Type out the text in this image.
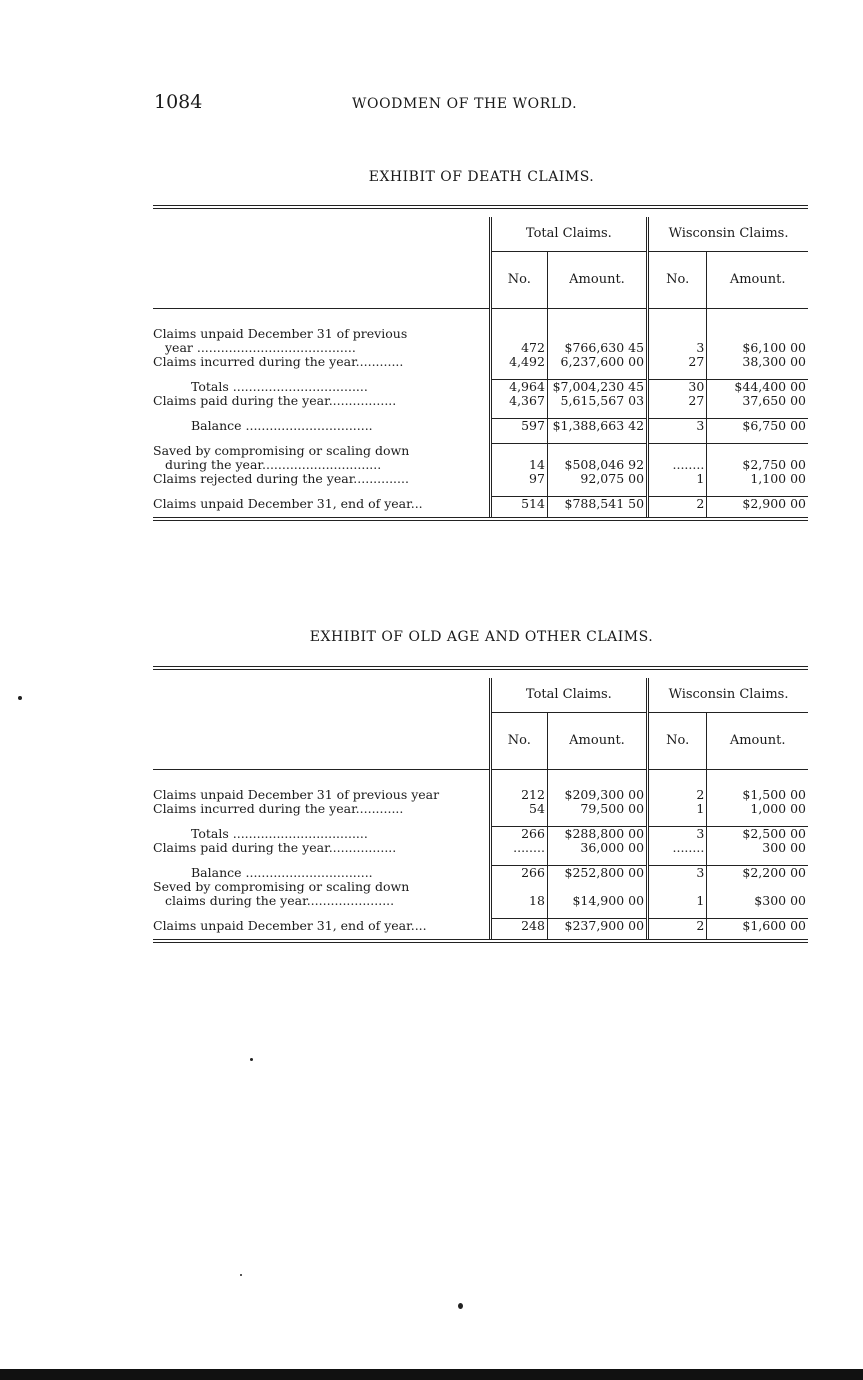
1084	WOODMEN OF THE WORLD.
EXHIBIT OF DEATH CLAIMS.

	Total Claims.		Wisconsin Claims.	
	No.	Amount.	No.	Amount.

Claims unpaid December 31 of previous				
year ........................................	472	$766,630 45	3	$6,100 00
Claims incurred during the year............	4,492	6,237,600 00	27	38,300 00

Totals ..................................	4,964	$7,004,230 45	30	$44,400 00
Claims paid during the year.................	4,367	5,615,567 03	27	37,650 00

Balance ................................	597	$1,388,663 42	3	$6,750 00

Saved by compromising or scaling down				
during the year..............................	14	$508,046 92	........	$2,750 00
Claims rejected during the year..............	97	92,075 00	1	1,100 00

Claims unpaid December 31, end of year...	514	$788,541 50	2	$2,900 00

EXHIBIT OF OLD AGE AND OTHER CLAIMS.

	Total Claims.		Wisconsin Claims.	
	No.	Amount.	No.	Amount.

Claims unpaid December 31 of previous year	212	$209,300 00	2	$1,500 00
Claims incurred during the year............	54	79,500 00	1	1,000 00

Totals ..................................	266	$288,800 00	3	$2,500 00
Claims paid during the year.................	........	36,000 00	........	300 00

Balance ................................	266	$252,800 00	3	$2,200 00
Seved by compromising or scaling down				
claims during the year......................	18	$14,900 00	1	$300 00

Claims unpaid December 31, end of year....	248	$237,900 00	2	$1,600 00
